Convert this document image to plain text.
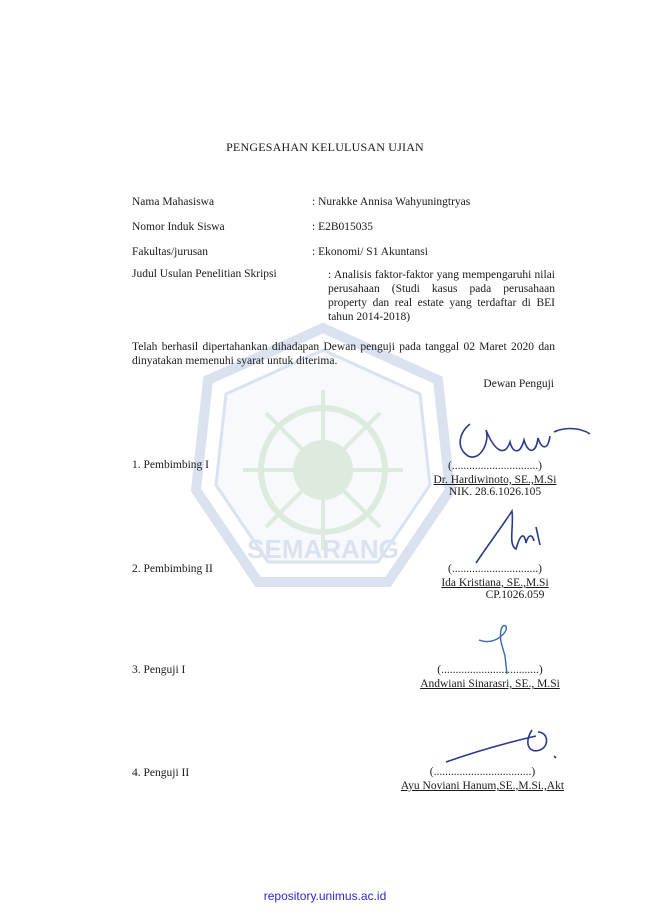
SEMARANG
PENGESAHAN KELULUSAN UJIAN
Nama Mahasiswa	: Nurakke Annisa Wahyuningtryas
Nomor Induk Siswa	: E2B015035
Fakultas/jurusan	: Ekonomi/ S1 Akuntansi
Judul Usulan Penelitian Skripsi	: Analisis faktor-faktor yang mempengaruhi nilai perusahaan (Studi kasus pada perusahaan property dan real estate yang terdaftar di BEI tahun 2014-2018)
Telah berhasil dipertahankan dihadapan Dewan penguji pada tanggal 02 Maret 2020 dan dinyatakan memenuhi syarat untuk diterima.
Dewan Penguji
1. Pembimbing I	(..............................)
Dr. Hardiwinoto, SE.,M.Si
NIK. 28.6.1026.105
2. Pembimbing II	(..............................)
Ida Kristiana, SE.,M.Si
CP.1026.059
3. Penguji I	(..................................)
Andwiani Sinarasri, SE., M.Si
4. Penguji II	(..................................)
Ayu Noviani Hanum,SE.,M.Si.,Akt
repository.unimus.ac.id
